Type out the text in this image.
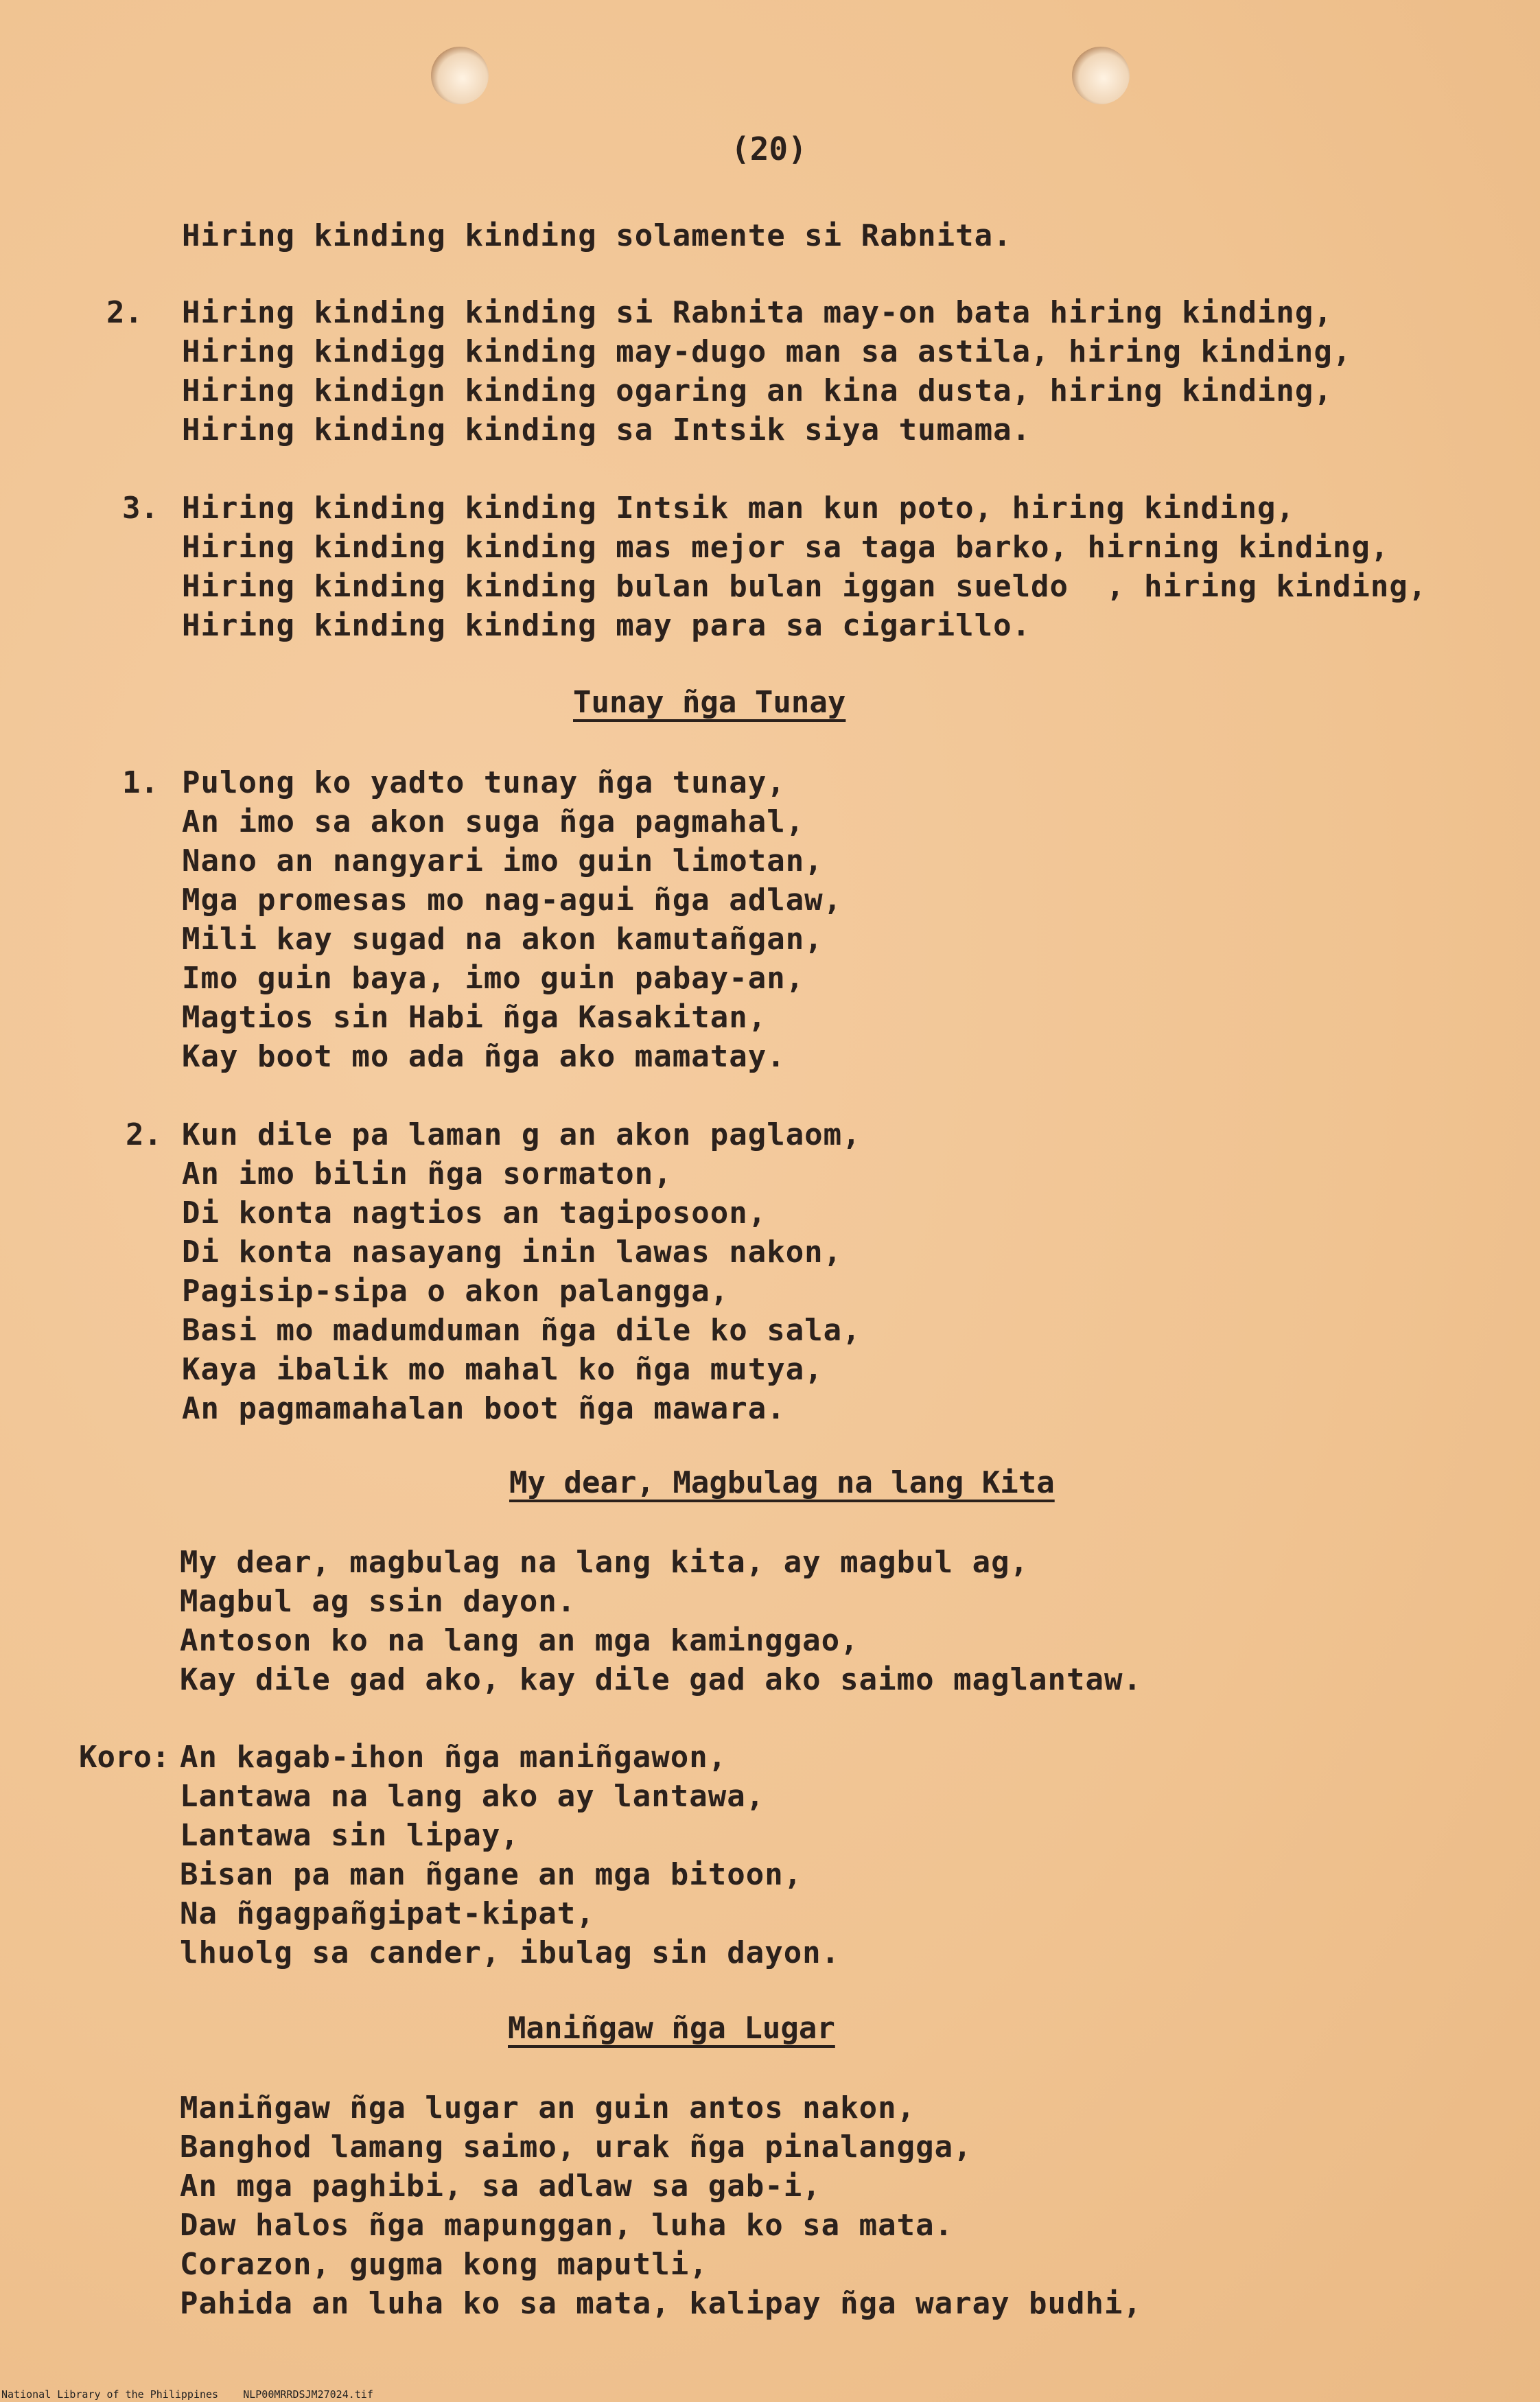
(20)
Hiring kinding kinding solamente si Rabnita.
2. Hiring kinding kinding si Rabnita may-on bata hiring kinding,
Hiring kindigg kinding may-dugo man sa astila, hiring kinding,
Hiring kindign kinding ogaring an kina dusta, hiring kinding,
Hiring kinding kinding sa Intsik siya tumama.
3. Hiring kinding kinding Intsik man kun poto, hiring kinding,
Hiring kinding kinding mas mejor sa taga barko, hirning kinding,
Hiring kinding kinding bulan bulan iggan sueldo  , hiring kinding,
Hiring kinding kinding may para sa cigarillo.
Tunay ñga Tunay
1. Pulong ko yadto tunay ñga tunay,
An imo sa akon suga ñga pagmahal,
Nano an nangyari imo guin limotan,
Mga promesas mo nag-agui ñga adlaw,
Mili kay sugad na akon kamutañgan,
Imo guin baya, imo guin pabay-an,
Magtios sin Habi ñga Kasakitan,
Kay boot mo ada ñga ako mamatay.
2. Kun dile pa laman g an akon paglaom,
An imo bilin ñga sormaton,
Di konta nagtios an tagiposoon,
Di konta nasayang inin lawas nakon,
Pagisip-sipa o akon palangga,
Basi mo madumduman ñga dile ko sala,
Kaya ibalik mo mahal ko ñga mutya,
An pagmamahalan boot ñga mawara.
My dear, Magbulag na lang Kita
My dear, magbulag na lang kita, ay magbul ag,
Magbul ag ssin dayon.
Antoson ko na lang an mga kaminggao,
Kay dile gad ako, kay dile gad ako saimo maglantaw.
Koro: An kagab-ihon ñga maniñgawon,
Lantawa na lang ako ay lantawa,
Lantawa sin lipay,
Bisan pa man ñgane an mga bitoon,
Na ñgagpañgipat-kipat,
lhuolg sa cander, ibulag sin dayon.
Maniñgaw ñga Lugar
Maniñgaw ñga lugar an guin antos nakon,
Banghod lamang saimo, urak ñga pinalangga,
An mga paghibi, sa adlaw sa gab-i,
Daw halos ñga mapunggan, luha ko sa mata.
Corazon, gugma kong maputli,
Pahida an luha ko sa mata, kalipay ñga waray budhi,
National Library of the Philippines    NLP00MRRDSJM27024.tif
